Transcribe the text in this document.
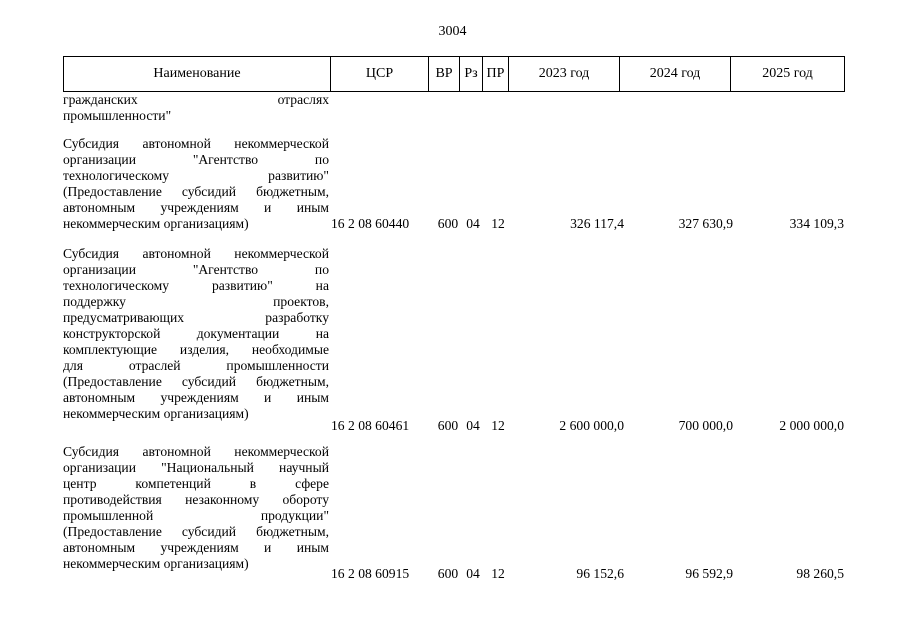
3004
Наименование	ЦСР	ВР	Рз	ПР	2023 год	2024 год	2025 год
гражданских отраслях
промышленности"
Субсидия автономной некоммерческой
организации "Агентство по
технологическому развитию"
(Предоставление субсидий бюджетным,
автономным учреждениям и иным
некоммерческим организациям)	16 2 08 60440 600 04 12	326 117,4	327 630,9	334 109,3
Субсидия автономной некоммерческой
организации "Агентство по
технологическому развитию" на
поддержку проектов,
предусматривающих разработку
конструкторской документации на
комплектующие изделия, необходимые
для отраслей промышленности
(Предоставление субсидий бюджетным,
автономным учреждениям и иным
некоммерческим организациям)
16 2 08 60461 600 04 12	2 600 000,0	700 000,0	2 000 000,0
Субсидия автономной некоммерческой
организации "Национальный научный
центр компетенций в сфере
противодействия незаконному обороту
промышленной продукции"
(Предоставление субсидий бюджетным,
автономным учреждениям и иным
некоммерческим организациям)
16 2 08 60915 600 04 12	96 152,6	96 592,9	98 260,5
